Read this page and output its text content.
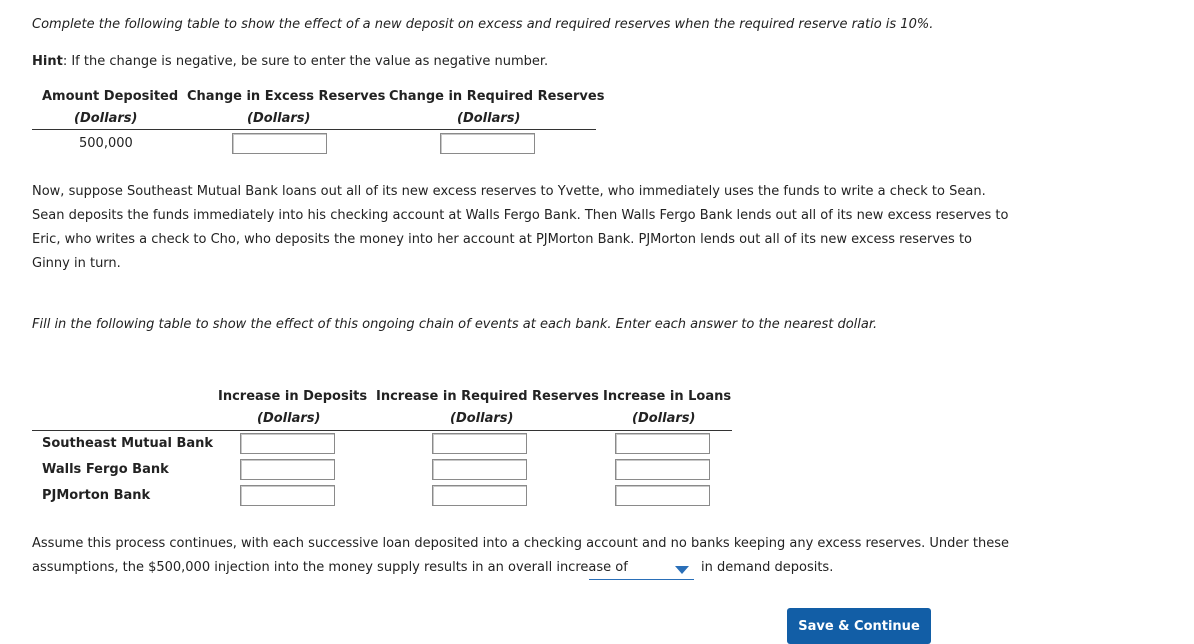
Complete the following table to show the effect of a new deposit on excess and required reserves when the required reserve ratio is 10%.
Hint: If the change is negative, be sure to enter the value as negative number.
Amount Deposited
(Dollars)
Change in Excess Reserves
(Dollars)
Change in Required Reserves
(Dollars)
500,000
Now, suppose Southeast Mutual Bank loans out all of its new excess reserves to Yvette, who immediately uses the funds to write a check to Sean.
Sean deposits the funds immediately into his checking account at Walls Fergo Bank. Then Walls Fergo Bank lends out all of its new excess reserves to
Eric, who writes a check to Cho, who deposits the money into her account at PJMorton Bank. PJMorton lends out all of its new excess reserves to
Ginny in turn.
Fill in the following table to show the effect of this ongoing chain of events at each bank. Enter each answer to the nearest dollar.
Increase in Deposits
(Dollars)
Increase in Required Reserves
(Dollars)
Increase in Loans
(Dollars)
Southeast Mutual Bank
Walls Fergo Bank
PJMorton Bank
Assume this process continues, with each successive loan deposited into a checking account and no banks keeping any excess reserves. Under these
assumptions, the $500,000 injection into the money supply results in an overall increase of	in demand deposits.
Save & Continue
